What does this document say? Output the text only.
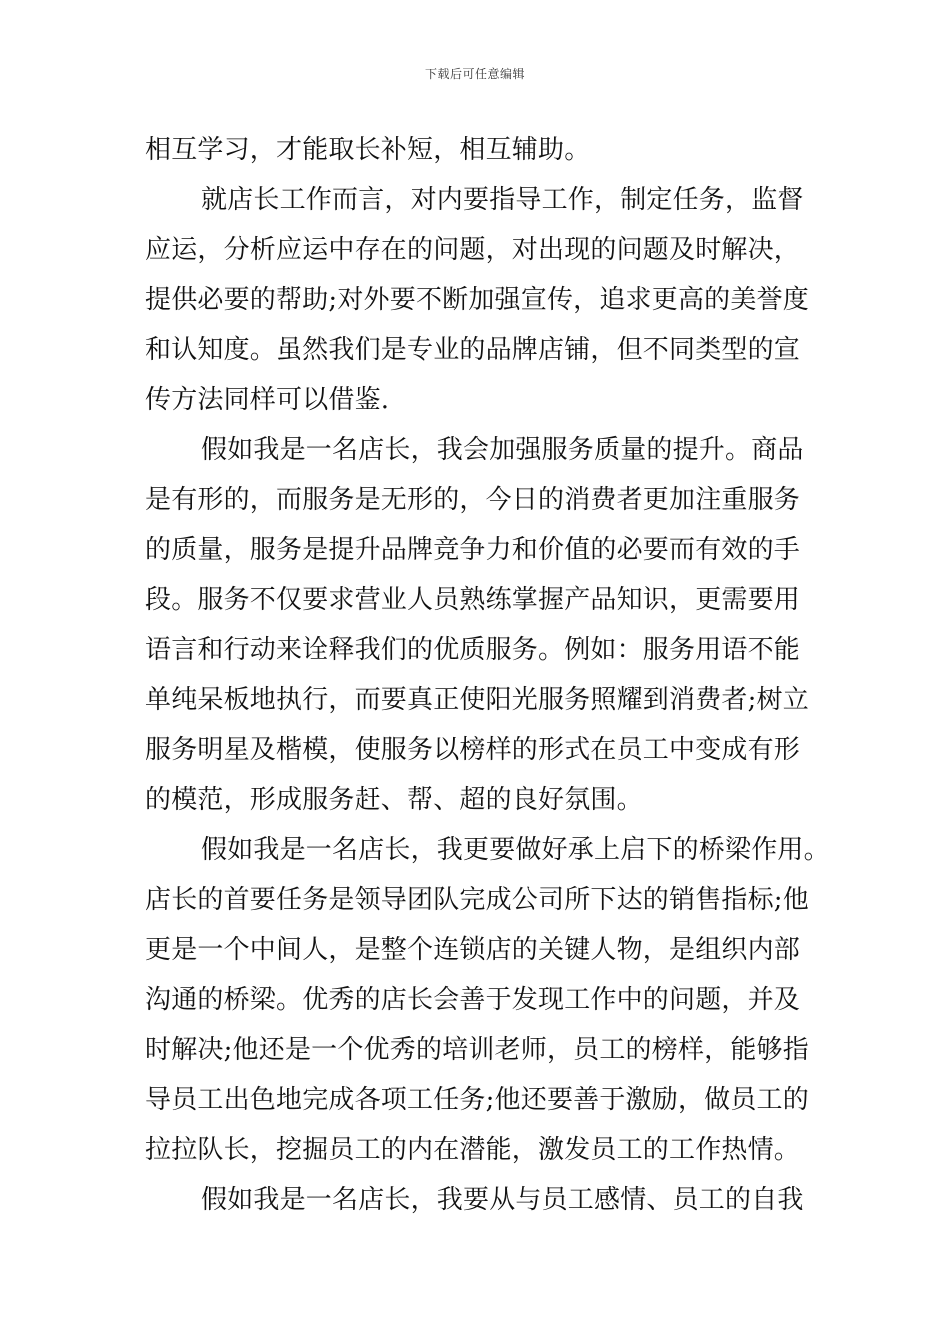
下载后可任意编辑
相互学习，才能取长补短，相互辅助。
就店长工作而言，对内要指导工作，制定任务，监督
应运，分析应运中存在的问题，对出现的问题及时解决，
提供必要的帮助;对外要不断加强宣传，追求更高的美誉度
和认知度。虽然我们是专业的品牌店铺，但不同类型的宣
传方法同样可以借鉴.
假如我是一名店长，我会加强服务质量的提升。商品
是有形的，而服务是无形的，今日的消费者更加注重服务
的质量，服务是提升品牌竞争力和价值的必要而有效的手
段。服务不仅要求营业人员熟练掌握产品知识，更需要用
语言和行动来诠释我们的优质服务。例如：服务用语不能
单纯呆板地执行，而要真正使阳光服务照耀到消费者;树立
服务明星及楷模，使服务以榜样的形式在员工中变成有形
的模范，形成服务赶、帮、超的良好氛围。
假如我是一名店长，我更要做好承上启下的桥梁作用。
店长的首要任务是领导团队完成公司所下达的销售指标;他
更是一个中间人，是整个连锁店的关键人物，是组织内部
沟通的桥梁。优秀的店长会善于发现工作中的问题，并及
时解决;他还是一个优秀的培训老师，员工的榜样，能够指
导员工出色地完成各项工任务;他还要善于激励，做员工的
拉拉队长，挖掘员工的内在潜能，激发员工的工作热情。
假如我是一名店长，我要从与员工感情、员工的自我
